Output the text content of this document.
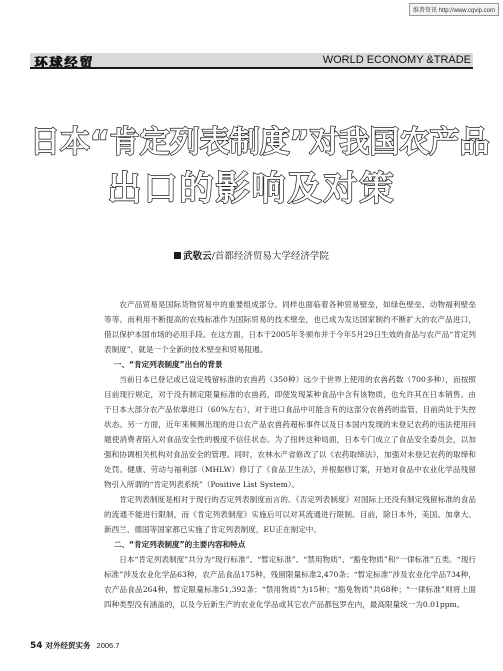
维普资讯 http://www.cqvip.com
环球经贸	WORLD ECONOMY &TRADE
日本“肯定列表制度”对我国农产品
出口的影响及对策
武敬云/首都经济贸易大学经济学院

农产品贸易是国际货物贸易中的重要组成部分。同样也面临着各种贸易壁垒，如绿色壁垒、动物福利壁垒等等。而利用不断提高的农残标准作为国际贸易的技术壁垒，也已成为发达国家制约不断扩大的农产品进口，借以保护本国市场的必用手段。在这方面，日本于2005年冬颁布并于今年5月29日生效的食品与农产品“肯定列表制度”，就是一个全新的技术壁垒和贸易阻遏。

一、“肯定列表制度”出台的背景

当前日本已登记或已设定残留标准的农兽药（350种）远少于世界上使用的农兽药数（700多种），而按照目前现行规定，对于没有制定限量标准的农兽药，即使发现某种食品中含有该物质，也允许其在日本销售。由于日本大部分农产品依靠进口（60%左右），对于进口食品中可能含有的这部分农兽药的监管，目前尚处于失控状态。另一方面，近年来频频出现的进口农产品农兽药超标事件以及日本国内发现的未登记农药的违法使用问题使消费者陷入对食品安全性的极度不信任状态。为了扭转这种局面，日本专门成立了食品安全委员会，以加强和协调相关机构对食品安全的管理。同时，农林水产省修改了以《农药取缔法》，加强对未登记农药的取缔和处罚。健康、劳动与福利部（MHLW）修订了《食品卫生法》，并根据修订案，开始对食品中农业化学品残留物引入所谓的“肯定列表系统”（Positive List System）。

肯定列表制度是相对于现行的否定列表制度而言的。《否定列表制度》对国际上还没有制定残留标准的食品的流通不能进行限制，而《肯定列表制度》实施后可以对其流通进行限制。目前，除日本外，美国、加拿大、新西兰、德国等国家都已实施了肯定列表制度，EU正在制定中。

二、“肯定列表制度”的主要内容和特点

日本“肯定列表制度”共分为“现行标准”、“暂定标准”、“禁用物质”、“豁免物质”和“一律标准”五类。“现行标准”涉及农业化学品63种，农产品食品175种，残留限量标准2,470条；“暂定标准”涉及农业化学品734种，农产品食品264种，暂定限量标准51,392条；“禁用物质”为15种；“豁免物质”共68种；“一律标准”则将上面四种类型没有涵盖的，以及今后新生产的农业化学品或其它农产品都包罗在内，最高限量统一为0.01ppm。

54 对外经贸实务 2006.7
